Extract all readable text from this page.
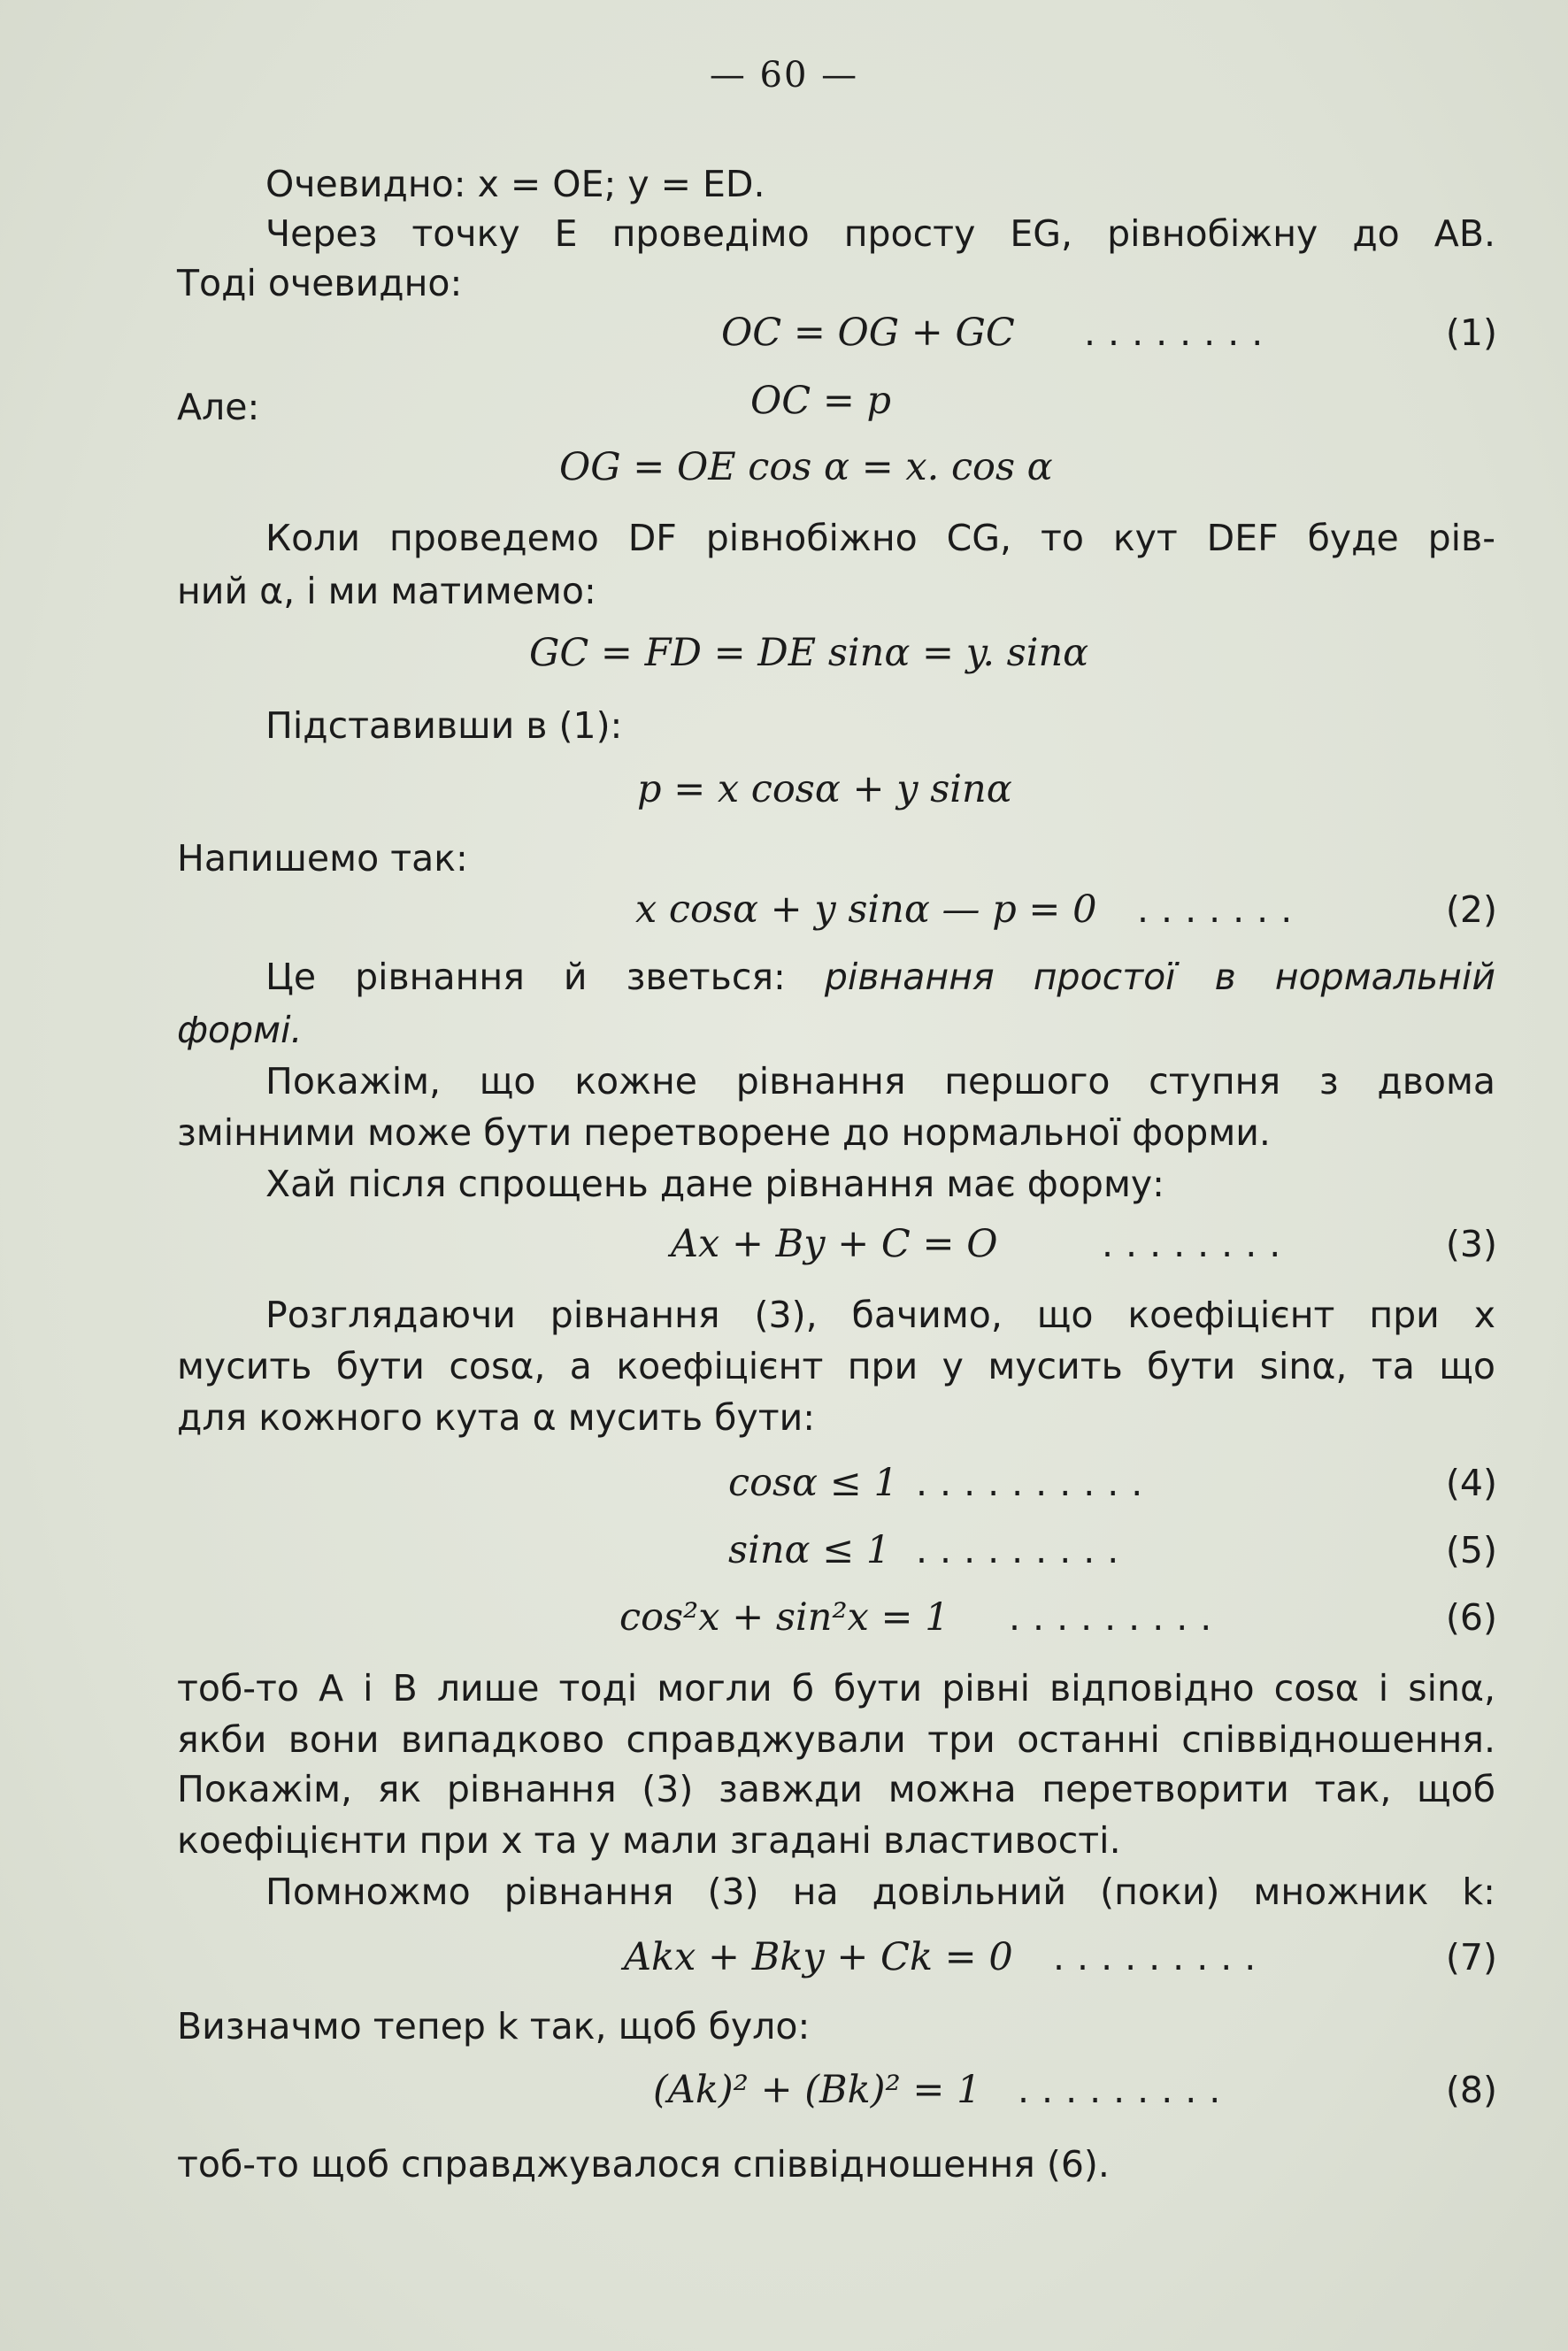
— 60 —
Очевидно: x = OE; y = ED.
Через точку E проведімо просту EG, рівнобіжну до AB.
Тоді очевидно:
OC = OG + GC ........	(1)
Але:	OC = p
OG = OE cos α = x. cos α
Коли проведемо DF рівнобіжно CG, то кут DEF буде рів-
ний α, і ми матимемо:
GC = FD = DE sinα = y. sinα
Підставивши в (1):
p = x cosα + y sinα
Напишемо так:
x cosα + y sinα — p = 0 .......	(2)
Це рівнання й зветься: рівнання простої в нормальній
формі.
Покажім, що кожне рівнання першого ступня з двома
змінними може бути перетворене до нормальної форми.
Хай після спрощень дане рівнання має форму:
Ax + By + C = O	........	(3)
Розглядаючи рівнання (3), бачимо, що коефіцієнт при x
мусить бути cosα, а коефіцієнт при y мусить бути sinα, та що
для кожного кута α мусить бути:
cosα ≤ 1 ..........	(4)
sinα ≤ 1 .........	(5)
cos²x + sin²x = 1 .........	(6)
тоб-то A і B лише тоді могли б бути рівні відповідно cosα і sinα,
якби вони випадково справджували три останні співвідношення.
Покажім, як рівнання (3) завжди можна перетворити так, щоб
коефіцієнти при x та y мали згадані властивості.
Помножмо рівнання (3) на довільний (поки) множник k:
Akx + Bky + Ck = 0 .........	(7)
Визначмо тепер k так, щоб було:
(Ak)² + (Bk)² = 1 .........	(8)
тоб-то щоб справджувалося співвідношення (6).
